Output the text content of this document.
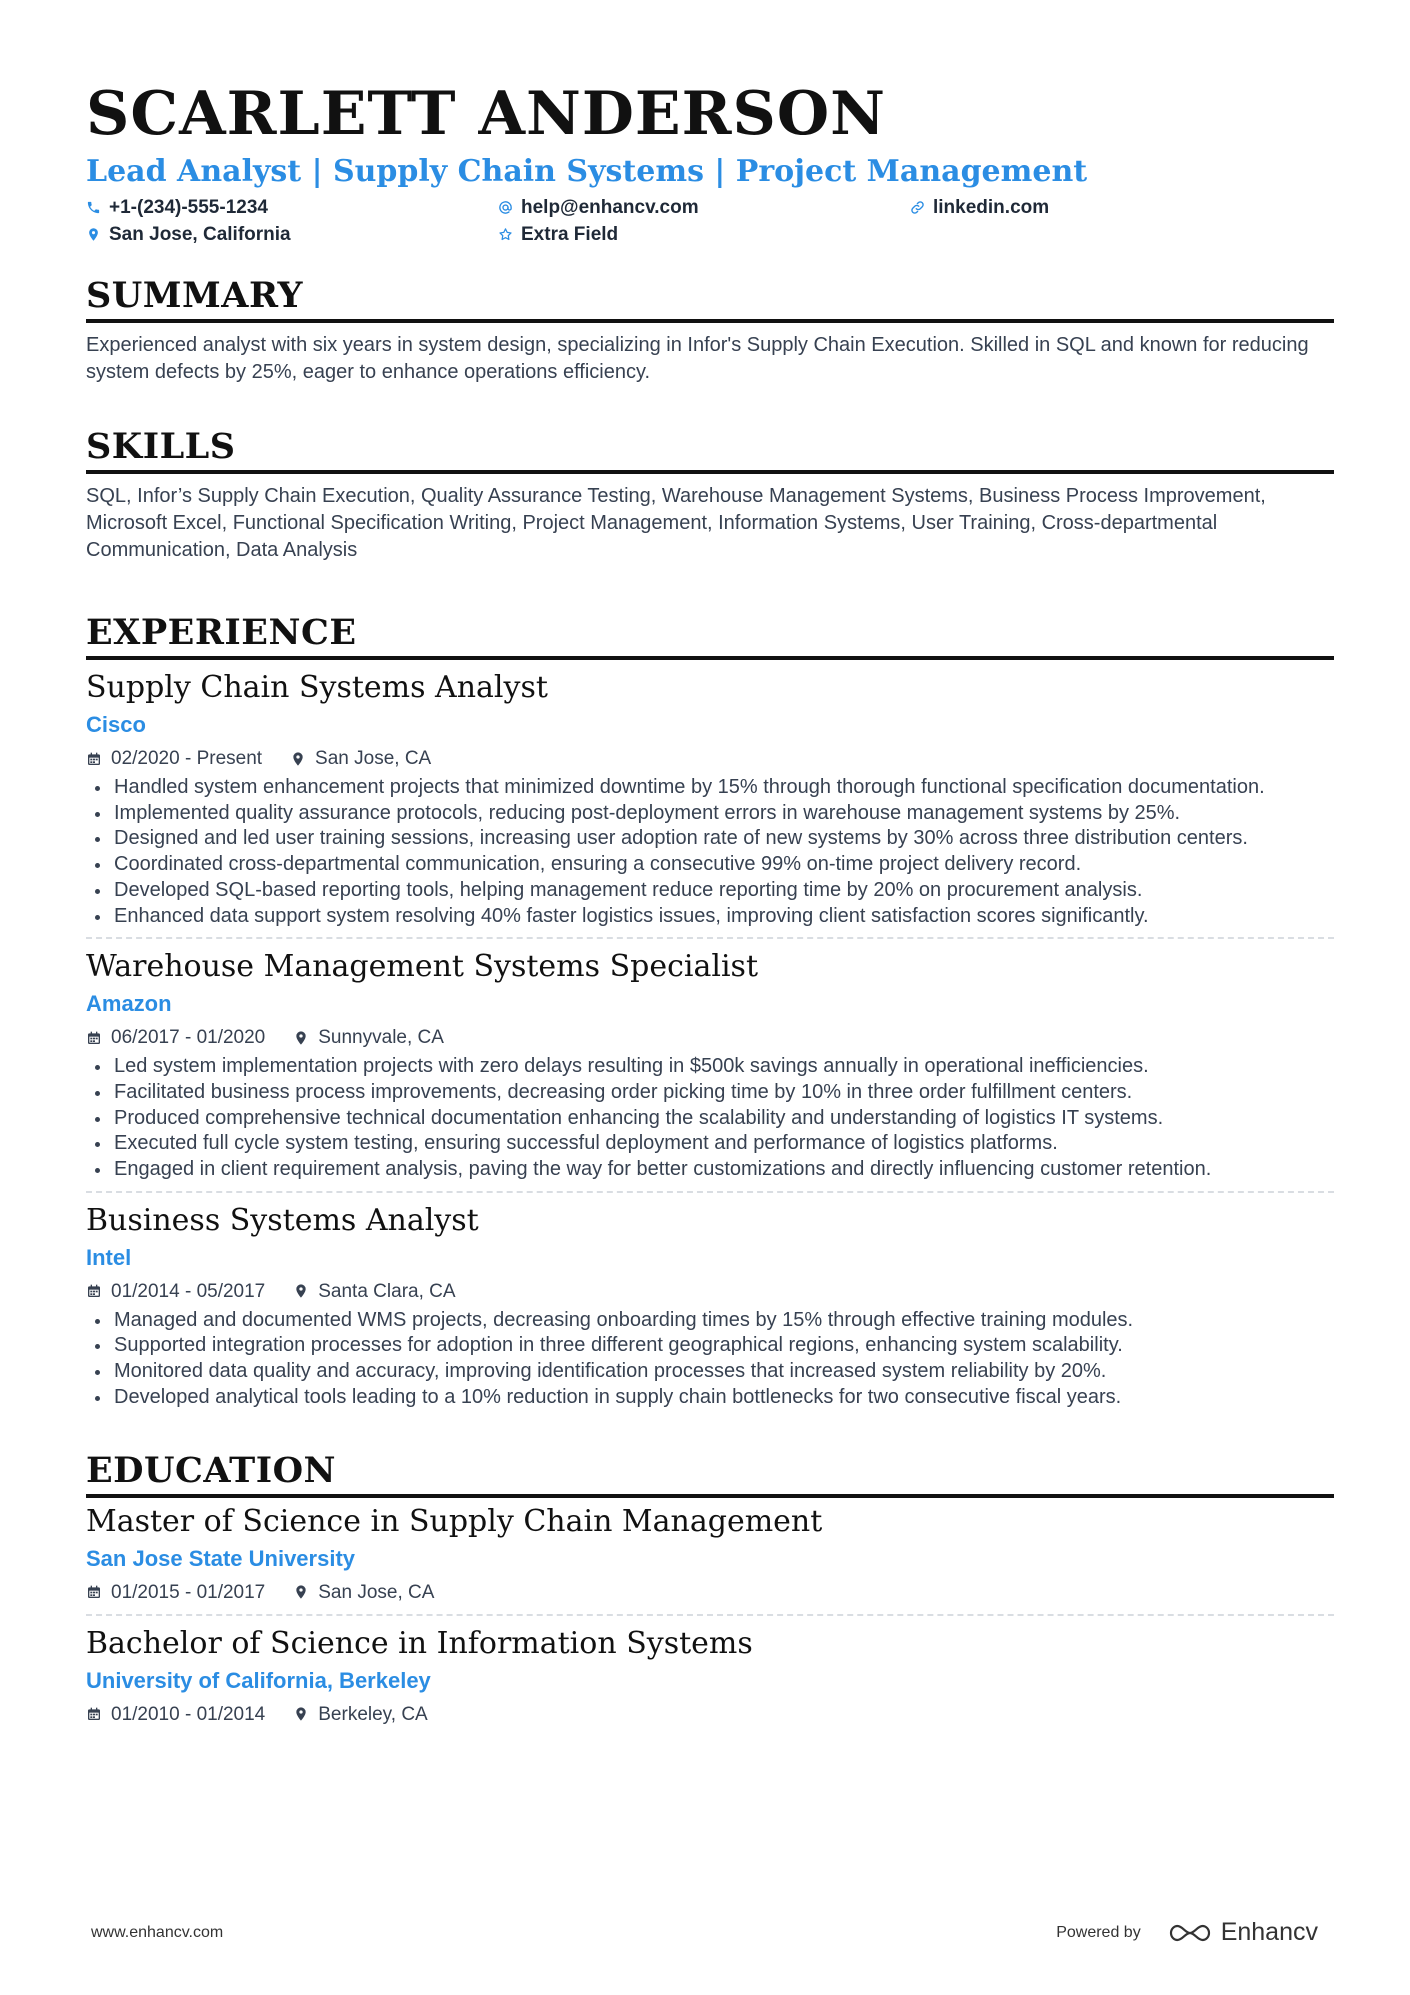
SCARLETT ANDERSON
Lead Analyst | Supply Chain Systems | Project Management
+1-(234)-555-1234	help@enhancv.com	linkedin.com
San Jose, California	Extra Field
SUMMARY

Experienced analyst with six years in system design, specializing in Infor's Supply Chain Execution. Skilled in SQL and known for reducing system defects by 25%, eager to enhance operations efficiency.

SKILLS

SQL, Infor’s Supply Chain Execution, Quality Assurance Testing, Warehouse Management Systems, Business Process Improvement, Microsoft Excel, Functional Specification Writing, Project Management, Information Systems, User Training, Cross-departmental Communication, Data Analysis

EXPERIENCE
Supply Chain Systems Analyst
Cisco
02/2020 - Present	San Jose, CA
Handled system enhancement projects that minimized downtime by 15% through thorough functional specification documentation.
Implemented quality assurance protocols, reducing post-deployment errors in warehouse management systems by 25%.
Designed and led user training sessions, increasing user adoption rate of new systems by 30% across three distribution centers.
Coordinated cross-departmental communication, ensuring a consecutive 99% on-time project delivery record.
Developed SQL-based reporting tools, helping management reduce reporting time by 20% on procurement analysis.
Enhanced data support system resolving 40% faster logistics issues, improving client satisfaction scores significantly.
Warehouse Management Systems Specialist
Amazon
06/2017 - 01/2020	Sunnyvale, CA
Led system implementation projects with zero delays resulting in $500k savings annually in operational inefficiencies.
Facilitated business process improvements, decreasing order picking time by 10% in three order fulfillment centers.
Produced comprehensive technical documentation enhancing the scalability and understanding of logistics IT systems.
Executed full cycle system testing, ensuring successful deployment and performance of logistics platforms.
Engaged in client requirement analysis, paving the way for better customizations and directly influencing customer retention.
Business Systems Analyst
Intel
01/2014 - 05/2017	Santa Clara, CA
Managed and documented WMS projects, decreasing onboarding times by 15% through effective training modules.
Supported integration processes for adoption in three different geographical regions, enhancing system scalability.
Monitored data quality and accuracy, improving identification processes that increased system reliability by 20%.
Developed analytical tools leading to a 10% reduction in supply chain bottlenecks for two consecutive fiscal years.
EDUCATION
Master of Science in Supply Chain Management
San Jose State University
01/2015 - 01/2017	San Jose, CA
Bachelor of Science in Information Systems
University of California, Berkeley
01/2010 - 01/2014	Berkeley, CA
www.enhancv.com	Powered by	Enhancv
